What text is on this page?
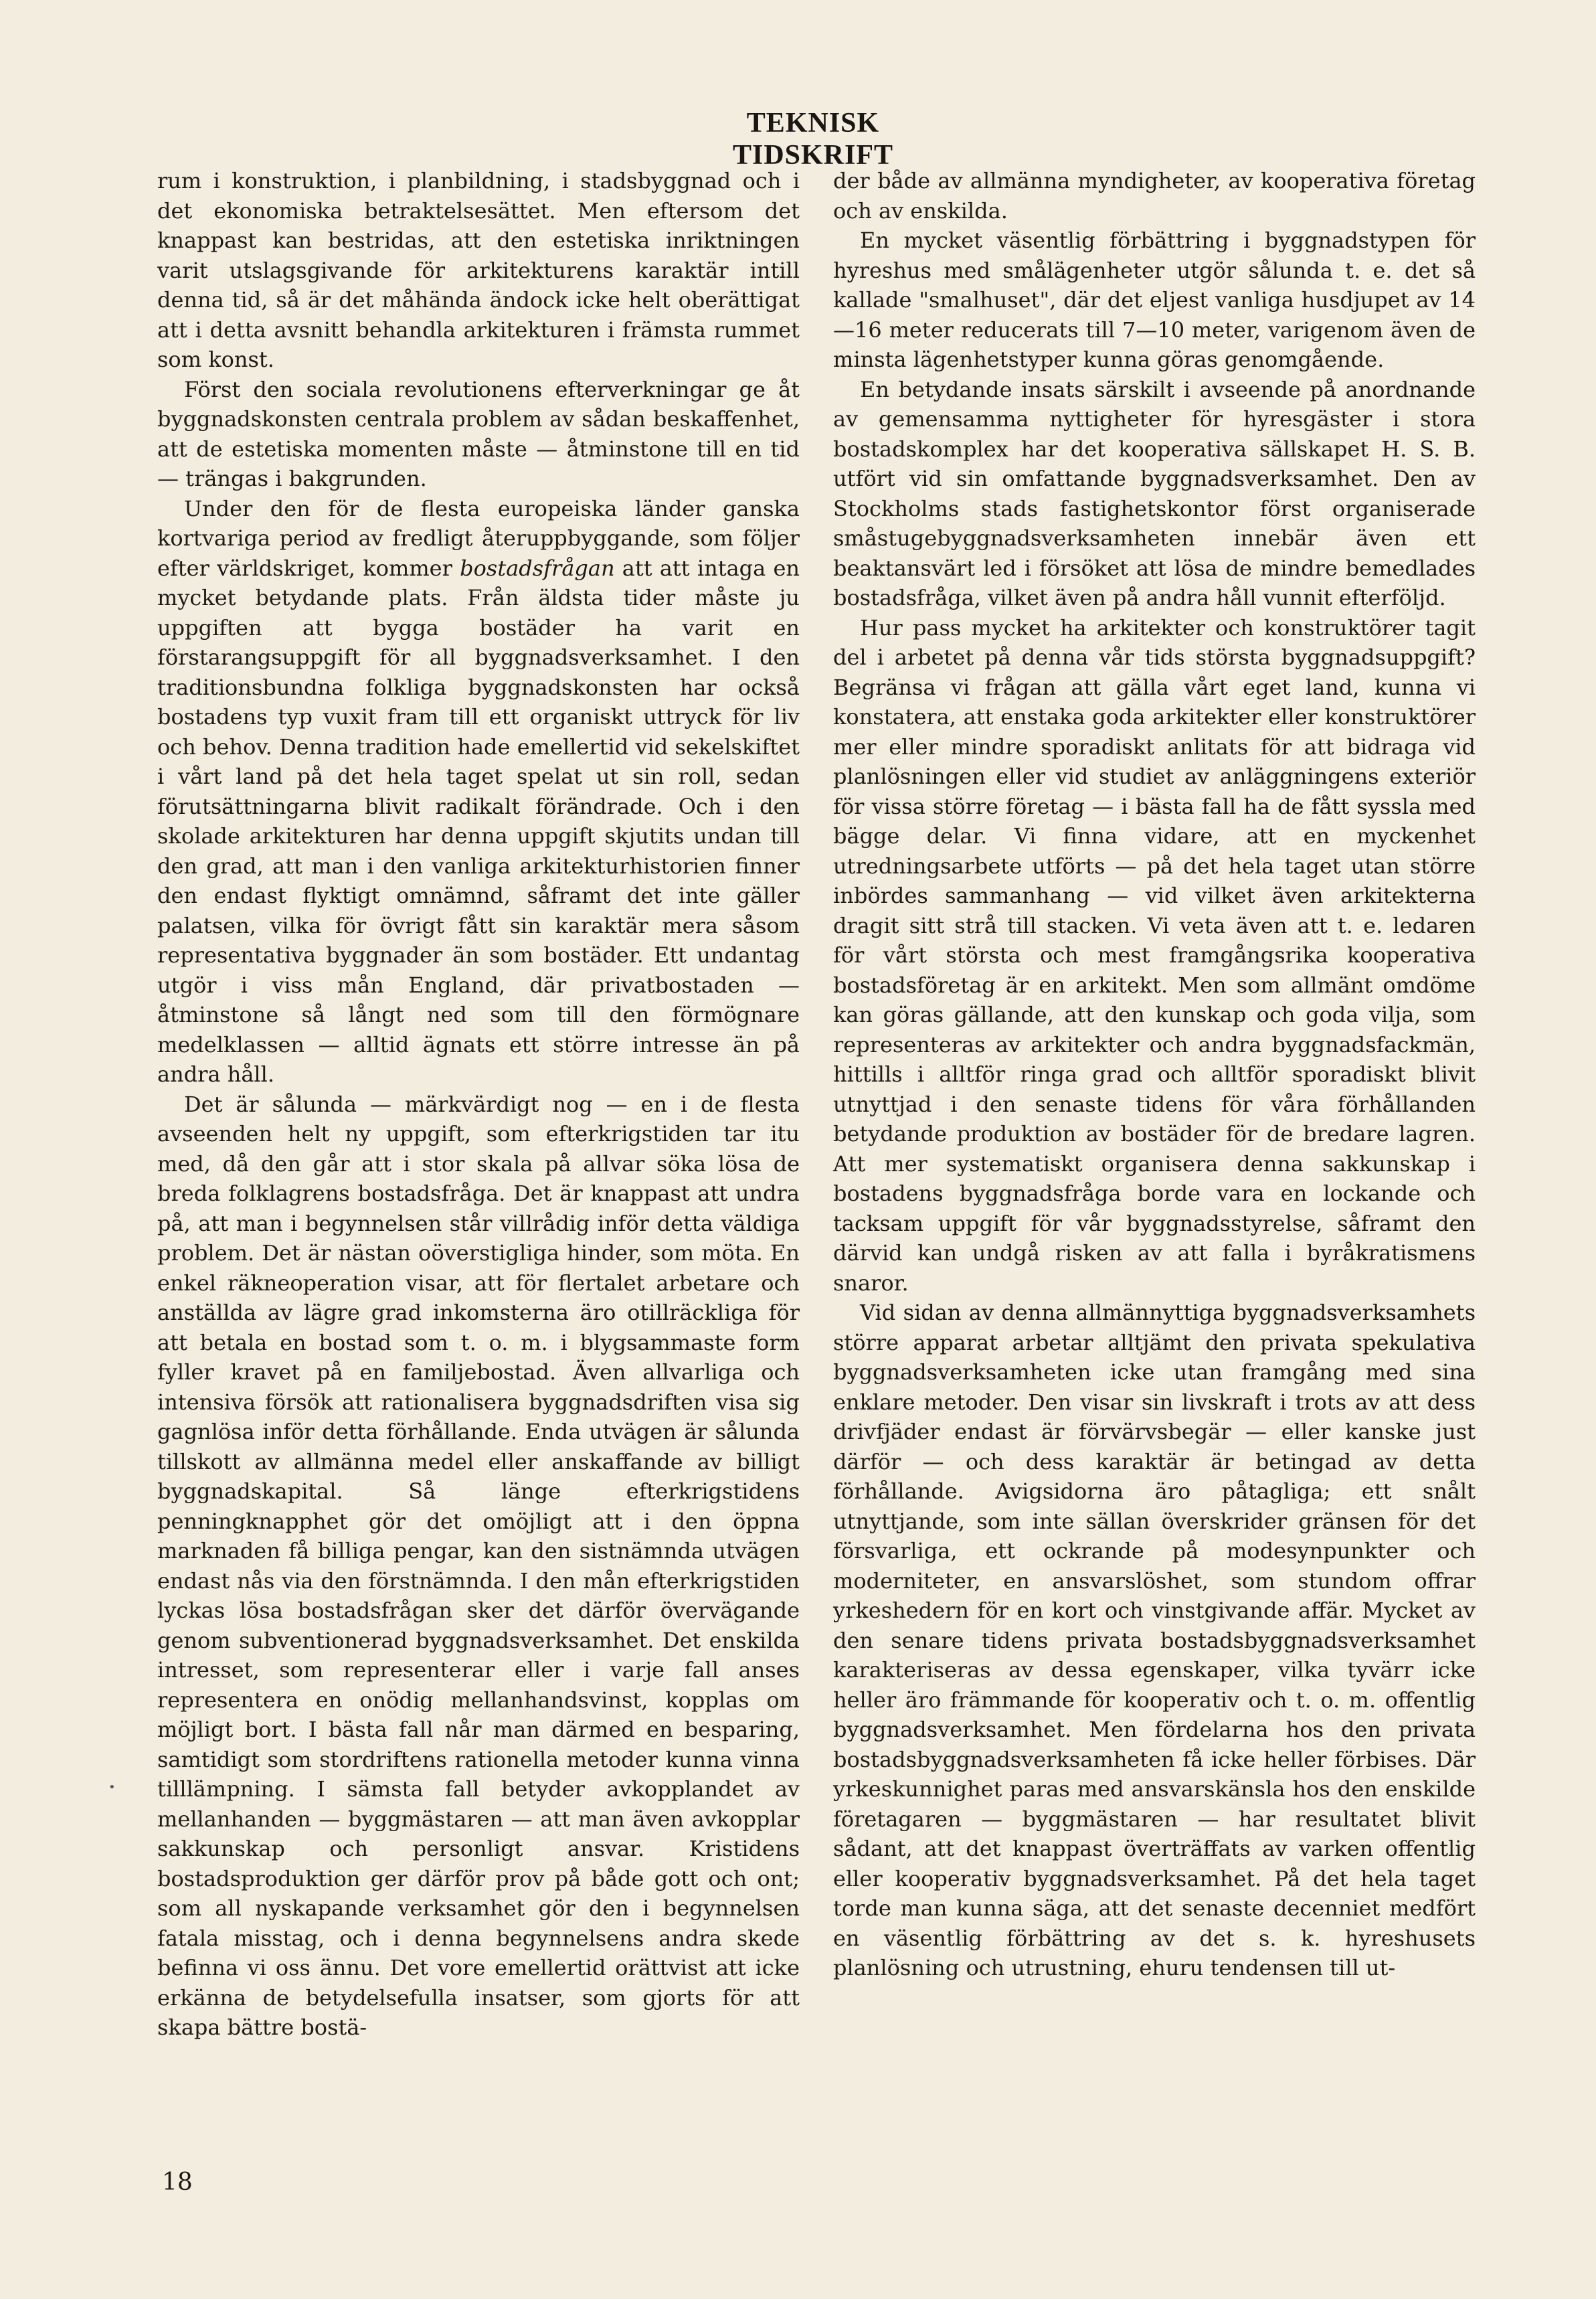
TEKNISK TIDSKRIFT

rum i konstruktion, i planbildning, i stadsbyggnad och i det ekonomiska betraktelsesättet. Men eftersom det knappast kan bestridas, att den estetiska inriktningen varit utslagsgivande för arkitekturens karaktär intill denna tid, så är det måhända ändock icke helt oberättigat att i detta avsnitt behandla arkitekturen i främsta rummet som konst.

Först den sociala revolutionens efterverkningar ge åt byggnadskonsten centrala problem av sådan beskaffenhet, att de estetiska momenten måste — åtminstone till en tid — trängas i bakgrunden.

Under den för de flesta europeiska länder ganska kortvariga period av fredligt återuppbyggande, som följer efter världskriget, kommer bostadsfrågan att att intaga en mycket betydande plats. Från äldsta tider måste ju uppgiften att bygga bostäder ha varit en förstarangsuppgift för all byggnadsverksamhet. I den traditionsbundna folkliga byggnadskonsten har också bostadens typ vuxit fram till ett organiskt uttryck för liv och behov. Denna tradition hade emellertid vid sekelskiftet i vårt land på det hela taget spelat ut sin roll, sedan förutsättningarna blivit radikalt förändrade. Och i den skolade arkitekturen har denna uppgift skjutits undan till den grad, att man i den vanliga arkitekturhistorien finner den endast flyktigt omnämnd, såframt det inte gäller palatsen, vilka för övrigt fått sin karaktär mera såsom representativa byggnader än som bostäder. Ett undantag utgör i viss mån England, där privatbostaden — åtminstone så långt ned som till den förmögnare medelklassen — alltid ägnats ett större intresse än på andra håll.

Det är sålunda — märkvärdigt nog — en i de flesta avseenden helt ny uppgift, som efterkrigstiden tar itu med, då den går att i stor skala på allvar söka lösa de breda folklagrens bostadsfråga. Det är knappast att undra på, att man i begynnelsen står villrådig inför detta väldiga problem. Det är nästan oöverstigliga hinder, som möta. En enkel räkneoperation visar, att för flertalet arbetare och anställda av lägre grad inkomsterna äro otillräckliga för att betala en bostad som t. o. m. i blygsammaste form fyller kravet på en familjebostad. Även allvarliga och intensiva försök att rationalisera byggnadsdriften visa sig gagnlösa inför detta förhållande. Enda utvägen är sålunda tillskott av allmänna medel eller anskaffande av billigt byggnadskapital. Så länge efterkrigstidens penningknapphet gör det omöjligt att i den öppna marknaden få billiga pengar, kan den sistnämnda utvägen endast nås via den förstnämnda. I den mån efterkrigstiden lyckas lösa bostadsfrågan sker det därför övervägande genom subventionerad byggnadsverksamhet. Det enskilda intresset, som representerar eller i varje fall anses representera en onödig mellanhandsvinst, kopplas om möjligt bort. I bästa fall når man därmed en besparing, samtidigt som stordriftens rationella metoder kunna vinna tilllämpning. I sämsta fall betyder avkopplandet av mellanhanden — byggmästaren — att man även avkopplar sakkunskap och personligt ansvar. Kristidens bostadsproduktion ger därför prov på både gott och ont; som all nyskapande verksamhet gör den i begynnelsen fatala misstag, och i denna begynnelsens andra skede befinna vi oss ännu. Det vore emellertid orättvist att icke erkänna de betydelsefulla insatser, som gjorts för att skapa bättre bostä-

der både av allmänna myndigheter, av kooperativa företag och av enskilda.

En mycket väsentlig förbättring i byggnadstypen för hyreshus med smålägenheter utgör sålunda t. e. det så kallade "smalhuset", där det eljest vanliga husdjupet av 14—16 meter reducerats till 7—10 meter, varigenom även de minsta lägenhetstyper kunna göras genomgående.

En betydande insats särskilt i avseende på anordnande av gemensamma nyttigheter för hyresgäster i stora bostadskomplex har det kooperativa sällskapet H. S. B. utfört vid sin omfattande byggnadsverksamhet. Den av Stockholms stads fastighetskontor först organiserade småstugebyggnadsverksamheten innebär även ett beaktansvärt led i försöket att lösa de mindre bemedlades bostadsfråga, vilket även på andra håll vunnit efterföljd.

Hur pass mycket ha arkitekter och konstruktörer tagit del i arbetet på denna vår tids största byggnadsuppgift? Begränsa vi frågan att gälla vårt eget land, kunna vi konstatera, att enstaka goda arkitekter eller konstruktörer mer eller mindre sporadiskt anlitats för att bidraga vid planlösningen eller vid studiet av anläggningens exteriör för vissa större företag — i bästa fall ha de fått syssla med bägge delar. Vi finna vidare, att en myckenhet utredningsarbete utförts — på det hela taget utan större inbördes sammanhang — vid vilket även arkitekterna dragit sitt strå till stacken. Vi veta även att t. e. ledaren för vårt största och mest framgångsrika kooperativa bostadsföretag är en arkitekt. Men som allmänt omdöme kan göras gällande, att den kunskap och goda vilja, som representeras av arkitekter och andra byggnadsfackmän, hittills i alltför ringa grad och alltför sporadiskt blivit utnyttjad i den senaste tidens för våra förhållanden betydande produktion av bostäder för de bredare lagren. Att mer systematiskt organisera denna sakkunskap i bostadens byggnadsfråga borde vara en lockande och tacksam uppgift för vår byggnadsstyrelse, såframt den därvid kan undgå risken av att falla i byråkratismens snaror.

Vid sidan av denna allmännyttiga byggnadsverksamhets större apparat arbetar alltjämt den privata spekulativa byggnadsverksamheten icke utan framgång med sina enklare metoder. Den visar sin livskraft i trots av att dess drivfjäder endast är förvärvsbegär — eller kanske just därför — och dess karaktär är betingad av detta förhållande. Avigsidorna äro påtagliga; ett snålt utnyttjande, som inte sällan överskrider gränsen för det försvarliga, ett ockrande på modesynpunkter och moderniteter, en ansvarslöshet, som stundom offrar yrkeshedern för en kort och vinstgivande affär. Mycket av den senare tidens privata bostadsbyggnadsverksamhet karakteriseras av dessa egenskaper, vilka tyvärr icke heller äro främmande för kooperativ och t. o. m. offentlig byggnadsverksamhet. Men fördelarna hos den privata bostadsbyggnadsverksamheten få icke heller förbises. Där yrkeskunnighet paras med ansvarskänsla hos den enskilde företagaren — byggmästaren — har resultatet blivit sådant, att det knappast överträffats av varken offentlig eller kooperativ byggnadsverksamhet. På det hela taget torde man kunna säga, att det senaste decenniet medfört en väsentlig förbättring av det s. k. hyreshusets planlösning och utrustning, ehuru tendensen till ut-

•
18
